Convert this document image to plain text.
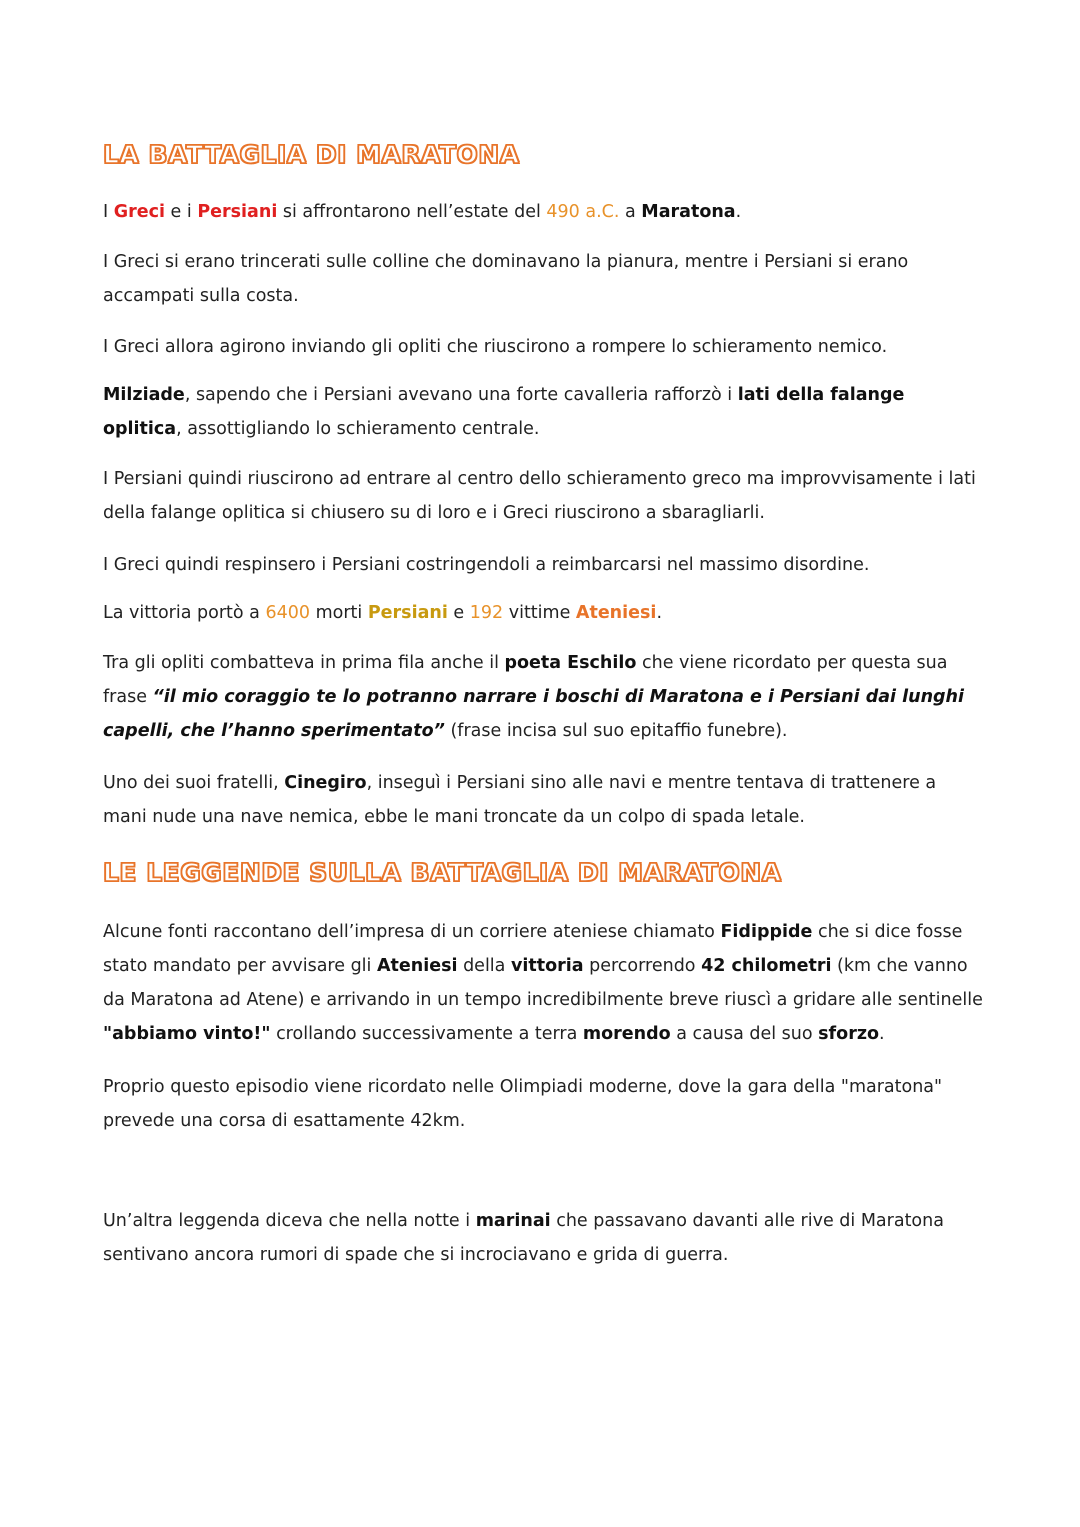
LA BATTAGLIA DI MARATONA

I Greci e i Persiani si affrontarono nell’estate del 490 a.C. a Maratona.

I Greci si erano trincerati sulle colline che dominavano la pianura, mentre i Persiani si erano accampati sulla costa.

I Greci allora agirono inviando gli opliti che riuscirono a rompere lo schieramento nemico.

Milziade, sapendo che i Persiani avevano una forte cavalleria rafforzò i lati della falange oplitica, assottigliando lo schieramento centrale.

I Persiani quindi riuscirono ad entrare al centro dello schieramento greco ma improvvisamente i lati della falange oplitica si chiusero su di loro e i Greci riuscirono a sbaragliarli.

I Greci quindi respinsero i Persiani costringendoli a reimbarcarsi nel massimo disordine.

La vittoria portò a 6400 morti Persiani e 192 vittime Ateniesi.

Tra gli opliti combatteva in prima fila anche il poeta Eschilo che viene ricordato per questa sua frase “il mio coraggio te lo potranno narrare i boschi di Maratona e i Persiani dai lunghi capelli, che l’hanno sperimentato” (frase incisa sul suo epitaffio funebre).

Uno dei suoi fratelli, Cinegiro, inseguì i Persiani sino alle navi e mentre tentava di trattenere a mani nude una nave nemica, ebbe le mani troncate da un colpo di spada letale.

LE LEGGENDE SULLA BATTAGLIA DI MARATONA

Alcune fonti raccontano dell’impresa di un corriere ateniese chiamato Fidippide che si dice fosse stato mandato per avvisare gli Ateniesi della vittoria percorrendo 42 chilometri (km che vanno da Maratona ad Atene) e arrivando in un tempo incredibilmente breve riuscì a gridare alle sentinelle "abbiamo vinto!" crollando successivamente a terra morendo a causa del suo sforzo.

Proprio questo episodio viene ricordato nelle Olimpiadi moderne, dove la gara della "maratona" prevede una corsa di esattamente 42km.

Un’altra leggenda diceva che nella notte i marinai che passavano davanti alle rive di Maratona sentivano ancora rumori di spade che si incrociavano e grida di guerra.
